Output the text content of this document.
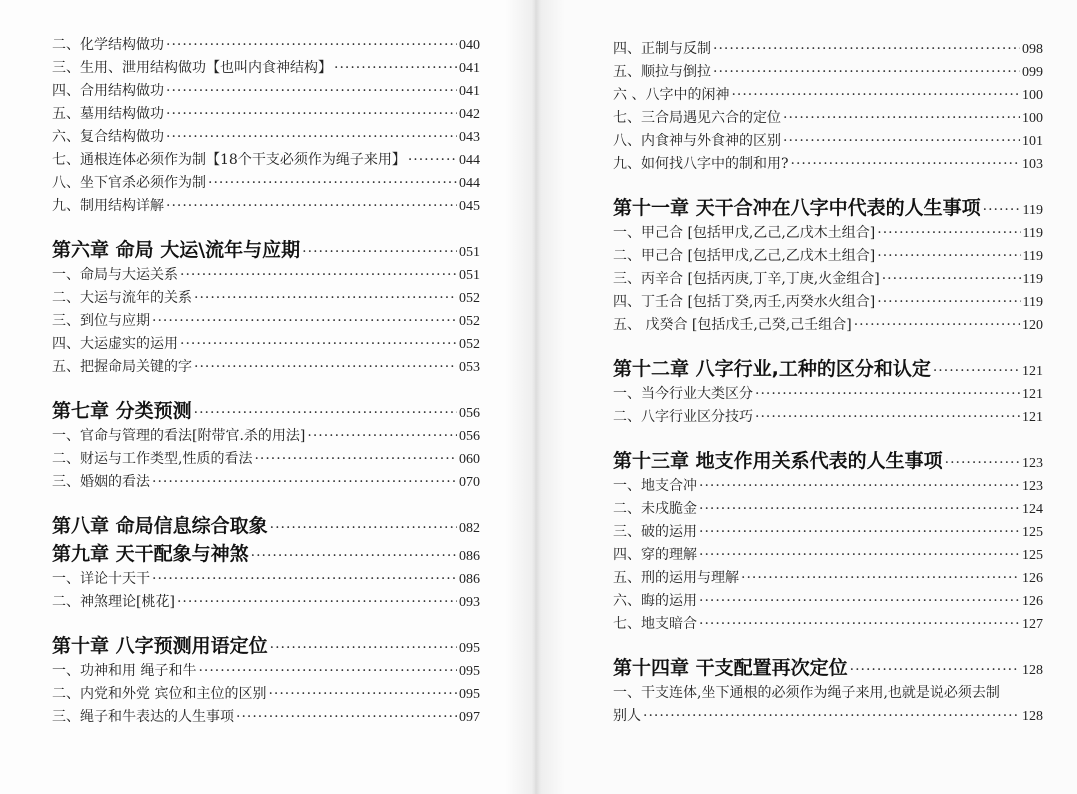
二、化学结构做功 ·····	040
三、生用、泄用结构做功【也叫内食神结构】 ·····	041
四、合用结构做功 ·····	041
五、墓用结构做功 ·····	042
六、复合结构做功 ·····	043
七、通根连体必须作为制【18个干支必须作为绳子来用】 ·····	044
八、坐下官杀必须作为制 ·····	044
九、制用结构详解 ·····	045
第六章 命局 大运\流年与应期 ·····	051
一、命局与大运关系 ·····	051
二、大运与流年的关系 ·····	052
三、到位与应期 ·····	052
四、大运虚实的运用 ·····	052
五、把握命局关键的字 ·····	053
第七章 分类预测 ·····	056
一、官命与管理的看法[附带官.杀的用法] ·····	056
二、财运与工作类型,性质的看法 ·····	060
三、婚姻的看法 ·····	070
第八章 命局信息综合取象 ·····	082
第九章 天干配象与神煞 ·····	086
一、详论十天干 ·····	086
二、神煞理论[桃花] ·····	093
第十章 八字预测用语定位 ·····	095
一、功神和用 绳子和牛 ·····	095
二、内党和外党 宾位和主位的区别 ·····	095
三、绳子和牛表达的人生事项 ·····	097
四、正制与反制 ·····	098
五、顺拉与倒拉 ·····	099
六 、八字中的闲神 ·····	100
七、三合局遇见六合的定位 ·····	100
八、内食神与外食神的区别 ·····	101
九、如何找八字中的制和用? ·····	103
第十一章 天干合冲在八字中代表的人生事项 ·····	119
一、甲己合 [包括甲戊,乙己,乙戊木土组合] ·····	119
二、甲己合 [包括甲戊,乙己,乙戊木土组合] ·····	119
三、丙辛合 [包括丙庚,丁辛,丁庚,火金组合] ·····	119
四、丁壬合 [包括丁癸,丙壬,丙癸水火组合] ·····	119
五、 戊癸合 [包括戊壬,己癸,己壬组合] ·····	120
第十二章 八字行业,工种的区分和认定 ·····	121
一、当今行业大类区分 ·····	121
二、八字行业区分技巧 ·····	121
第十三章 地支作用关系代表的人生事项 ·····	123
一、地支合冲 ·····	123
二、未戌脆金 ·····	124
三、破的运用 ·····	125
四、穿的理解 ·····	125
五、刑的运用与理解 ·····	126
六、晦的运用 ·····	126
七、地支暗合 ·····	127
第十四章 干支配置再次定位 ·····	128
一、干支连体,坐下通根的必须作为绳子来用,也就是说必须去制
别人 ·····	128
